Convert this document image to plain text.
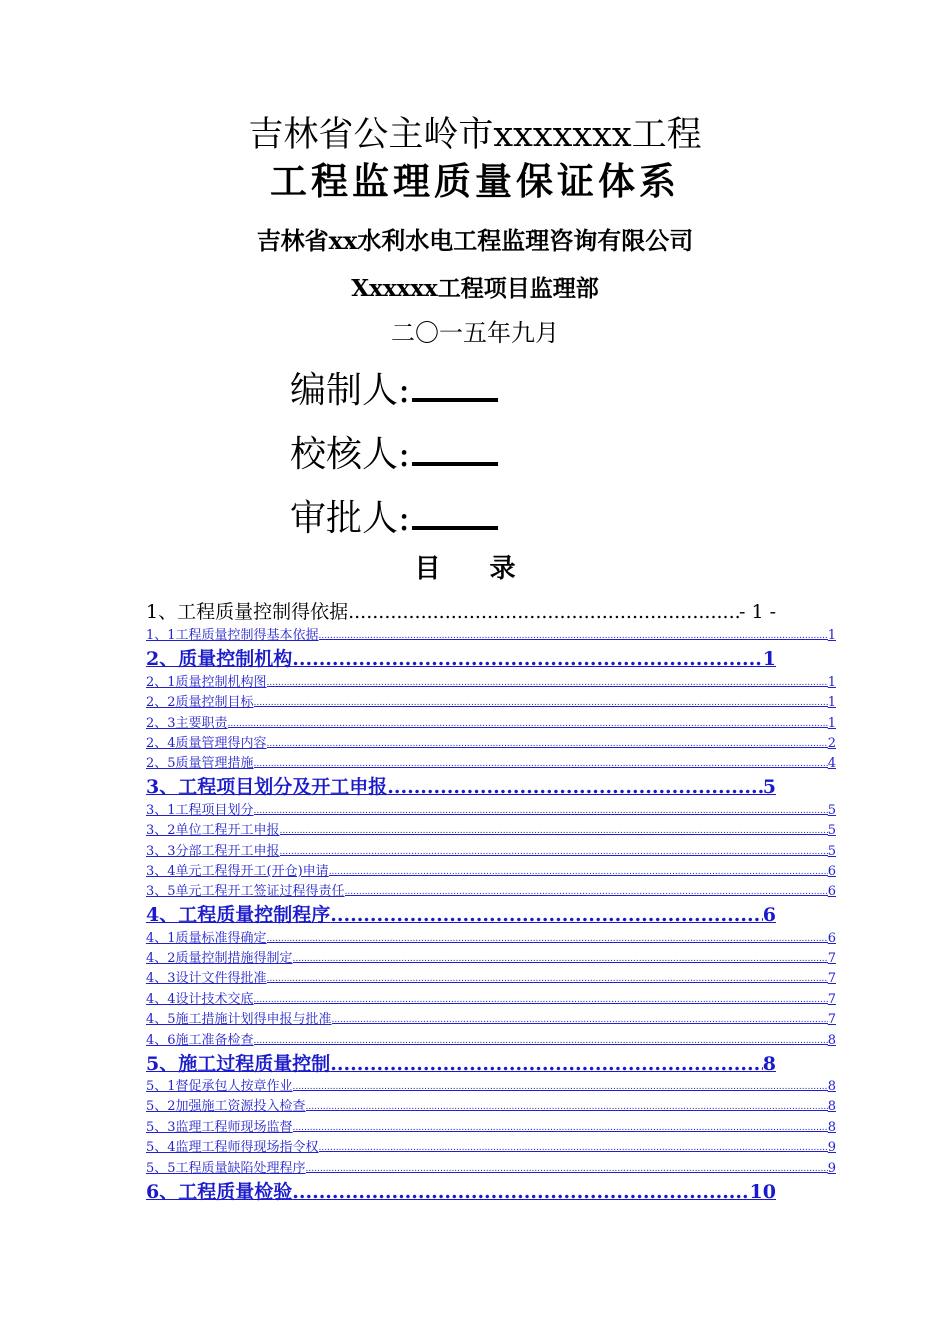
吉林省公主岭市xxxxxxx工程
工程监理质量保证体系
吉林省xx水利水电工程监理咨询有限公司
Xxxxxx工程项目监理部
二〇一五年九月
编制人:
校核人:
审批人:
目 录
1、工程质量控制得依据 .....	- 1 -
1、1工程质量控制得基本依据 .....	1
2、质量控制机构 .....	1
2、1质量控制机构图 .....	1
2、2质量控制目标 .....	1
2、3主要职责 .....	1
2、4质量管理得内容 .....	2
2、5质量管理措施 .....	4
3、工程项目划分及开工申报 .....	5
3、1工程项目划分 .....	5
3、2单位工程开工申报 .....	5
3、3分部工程开工申报 .....	5
3、4单元工程得开工(开仓)申请 .....	6
3、5单元工程开工签证过程得责任 .....	6
4、工程质量控制程序 .....	6
4、1质量标准得确定 .....	6
4、2质量控制措施得制定 .....	7
4、3设计文件得批准 .....	7
4、4设计技术交底 .....	7
4、5施工措施计划得申报与批准 .....	7
4、6施工准备检查 .....	8
5、施工过程质量控制 .....	8
5、1督促承包人按章作业 .....	8
5、2加强施工资源投入检查 .....	8
5、3监理工程师现场监督 .....	8
5、4监理工程师得现场指令权 .....	9
5、5工程质量缺陷处理程序 .....	9
6、工程质量检验 .....	10
